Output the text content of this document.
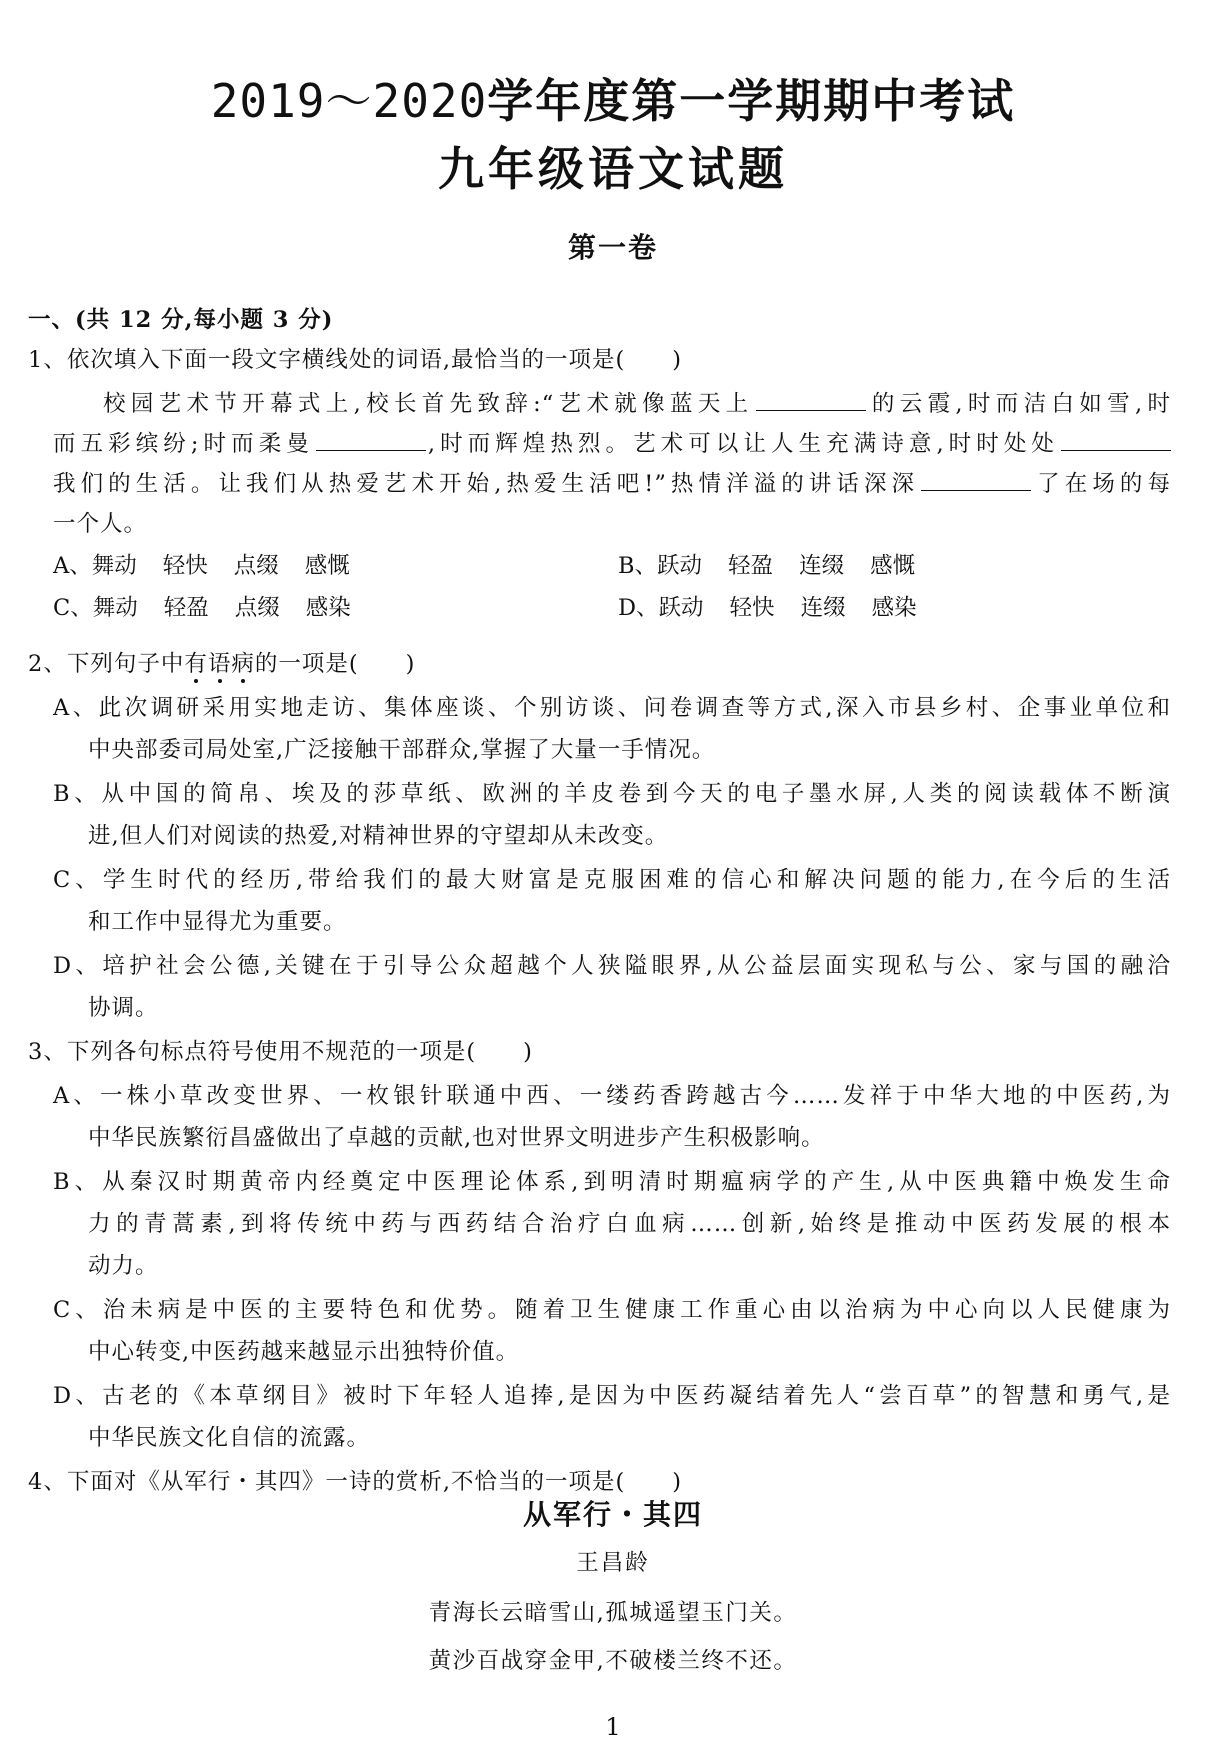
2019～2020学年度第一学期期中考试
九年级语文试题
第一卷
一、(共 12 分,每小题 3 分)
1、依次填入下面一段文字横线处的词语,最恰当的一项是(　　)
校园艺术节开幕式上,校长首先致辞:“艺术就像蓝天上	的云霞,时而洁白如雪,时
而五彩缤纷;时而柔曼	,时而辉煌热烈。艺术可以让人生充满诗意,时时处处
我们的生活。让我们从热爱艺术开始,热爱生活吧!”热情洋溢的讲话深深	了在场的每
一个人。
A、舞动 轻快 点缀 感慨	B、跃动 轻盈 连缀 感慨
C、舞动 轻盈 点缀 感染	D、跃动 轻快 连缀 感染
2、下列句子中有语病的一项是(　　)
A、此次调研采用实地走访、集体座谈、个别访谈、问卷调查等方式,深入市县乡村、企事业单位和
中央部委司局处室,广泛接触干部群众,掌握了大量一手情况。
B、从中国的简帛、埃及的莎草纸、欧洲的羊皮卷到今天的电子墨水屏,人类的阅读载体不断演
进,但人们对阅读的热爱,对精神世界的守望却从未改变。
C、学生时代的经历,带给我们的最大财富是克服困难的信心和解决问题的能力,在今后的生活
和工作中显得尤为重要。
D、培护社会公德,关键在于引导公众超越个人狭隘眼界,从公益层面实现私与公、家与国的融洽
协调。
3、下列各句标点符号使用不规范的一项是(　　)
A、一株小草改变世界、一枚银针联通中西、一缕药香跨越古今……发祥于中华大地的中医药,为
中华民族繁衍昌盛做出了卓越的贡献,也对世界文明进步产生积极影响。
B、从秦汉时期黄帝内经奠定中医理论体系,到明清时期瘟病学的产生,从中医典籍中焕发生命
力的青蒿素,到将传统中药与西药结合治疗白血病……创新,始终是推动中医药发展的根本
动力。
C、治未病是中医的主要特色和优势。随着卫生健康工作重心由以治病为中心向以人民健康为
中心转变,中医药越来越显示出独特价值。
D、古老的《本草纲目》被时下年轻人追捧,是因为中医药凝结着先人“尝百草”的智慧和勇气,是
中华民族文化自信的流露。
4、下面对《从军行・其四》一诗的赏析,不恰当的一项是(　　)
从军行・其四
王昌龄
青海长云暗雪山,孤城遥望玉门关。
黄沙百战穿金甲,不破楼兰终不还。
1
